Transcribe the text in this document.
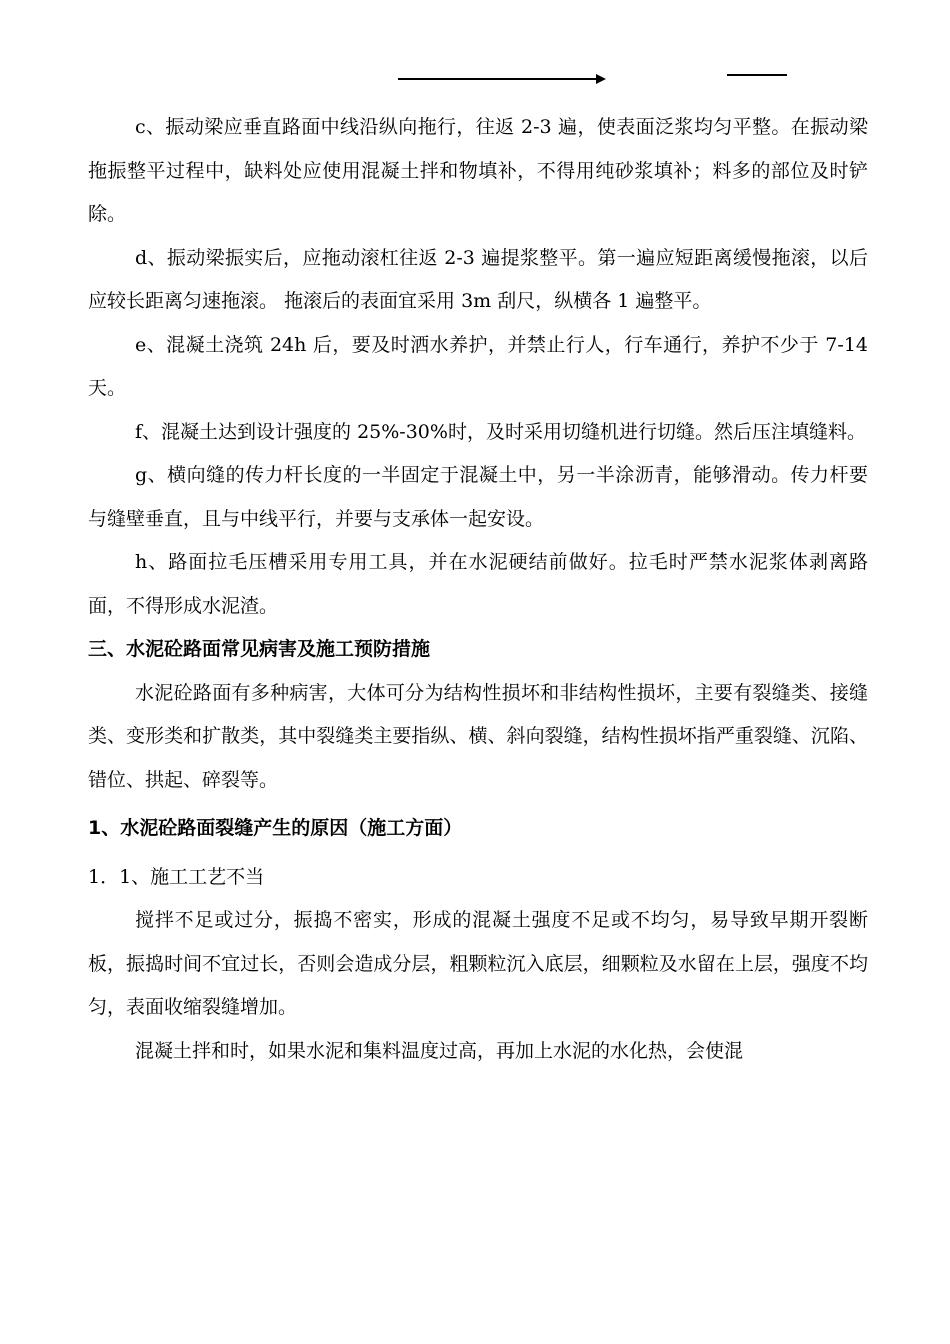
c、振动梁应垂直路面中线沿纵向拖行，往返 2-3 遍，使表面泛浆均匀平整。在振动梁拖振整平过程中，缺料处应使用混凝土拌和物填补，不得用纯砂浆填补；料多的部位及时铲除。

d、振动梁振实后，应拖动滚杠往返 2-3 遍提浆整平。第一遍应短距离缓慢拖滚，以后应较长距离匀速拖滚。 拖滚后的表面宜采用 3m 刮尺，纵横各 1 遍整平。

e、混凝土浇筑 24h 后，要及时洒水养护，并禁止行人，行车通行，养护不少于 7-14 天。

f、混凝土达到设计强度的 25%-30%时，及时采用切缝机进行切缝。然后压注填缝料。

g、横向缝的传力杆长度的一半固定于混凝土中，另一半涂沥青，能够滑动。传力杆要与缝壁垂直，且与中线平行，并要与支承体一起安设。

h、路面拉毛压槽采用专用工具，并在水泥硬结前做好。拉毛时严禁水泥浆体剥离路面，不得形成水泥渣。

三、水泥砼路面常见病害及施工预防措施

水泥砼路面有多种病害，大体可分为结构性损坏和非结构性损坏，主要有裂缝类、接缝类、变形类和扩散类，其中裂缝类主要指纵、横、斜向裂缝，结构性损坏指严重裂缝、沉陷、错位、拱起、碎裂等。

1、水泥砼路面裂缝产生的原因（施工方面）

1．1、施工工艺不当

搅拌不足或过分，振捣不密实，形成的混凝土强度不足或不均匀，易导致早期开裂断板，振捣时间不宜过长，否则会造成分层，粗颗粒沉入底层，细颗粒及水留在上层，强度不均匀，表面收缩裂缝增加。

混凝土拌和时，如果水泥和集料温度过高，再加上水泥的水化热，会使混
